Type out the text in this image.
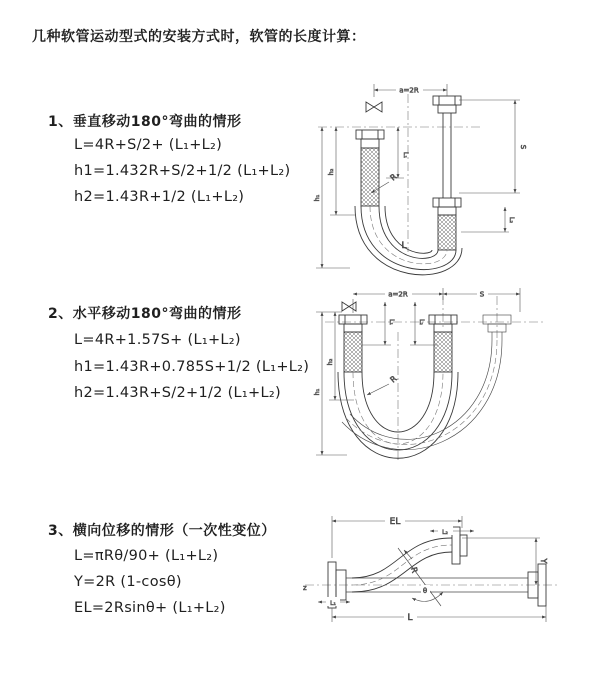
几种软管运动型式的安装方式时，软管的长度计算：
1、垂直移动180°弯曲的情形
L=4R+S/2+ (L₁+L₂)
h1=1.432R+S/2+1/2 (L₁+L₂)
h2=1.43R+1/2 (L₁+L₂)
2、水平移动180°弯曲的情形
L=4R+1.57S+ (L₁+L₂)
h1=1.43R+0.785S+1/2 (L₁+L₂)
h2=1.43R+S/2+1/2 (L₁+L₂)
3、横向位移的情形（一次性变位）
L=πRθ/90+ (L₁+L₂)
Y=2R (1-cosθ)
EL=2Rsinθ+ (L₁+L₂)
a=2R
L₁
S
L₂
h₁
h₂
R
L
a=2R	S
L₁	L₂
h₁
h₂
R
EL
L₂
Y
L
L₁
z
R
θ
